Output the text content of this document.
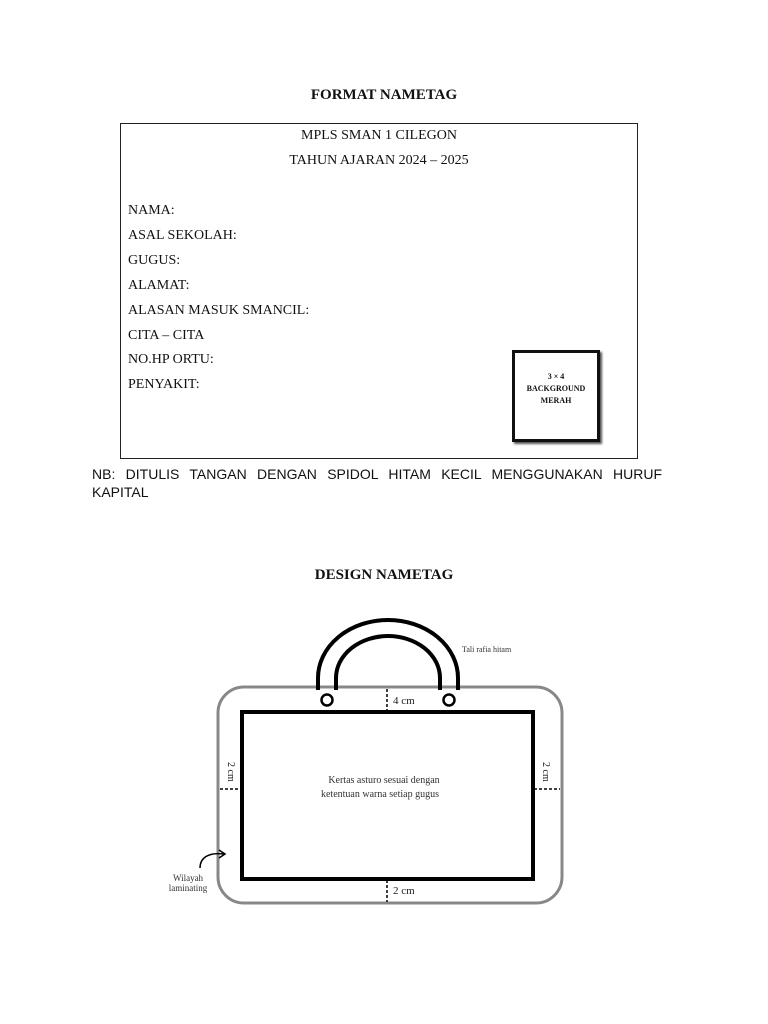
FORMAT NAMETAG
MPLS SMAN 1 CILEGON
TAHUN AJARAN 2024 – 2025
NAMA:
ASAL SEKOLAH:
GUGUS:
ALAMAT:
ALASAN MASUK SMANCIL:
CITA – CITA
NO.HP ORTU:
PENYAKIT:
3 × 4
BACKGROUND
MERAH
NB: DITULIS TANGAN DENGAN SPIDOL HITAM KECIL MENGGUNAKAN HURUF KAPITAL
DESIGN NAMETAG
4 cm
2 cm	2 cm
2 cm
Kertas asturo sesuai dengan
ketentuan warna setiap gugus
Tali rafia hitam
Wilayah
laminating
